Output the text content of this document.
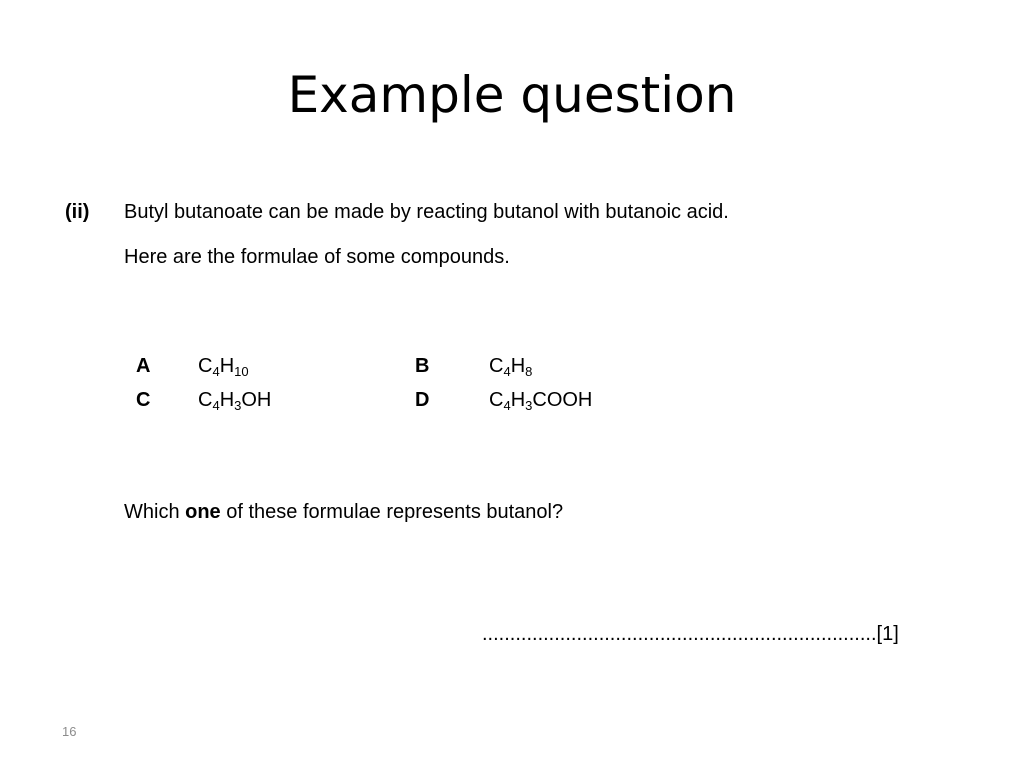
Example question
(ii) Butyl butanoate can be made by reacting butanol with butanoic acid.
Here are the formulae of some compounds.
A $C_4H_{10}$	B	$C_4H_8$
C $C_4H_3OH$	D	$C_4H_3COOH$
Which one of these formulae represents butanol?
.......................................................................[1]
16
